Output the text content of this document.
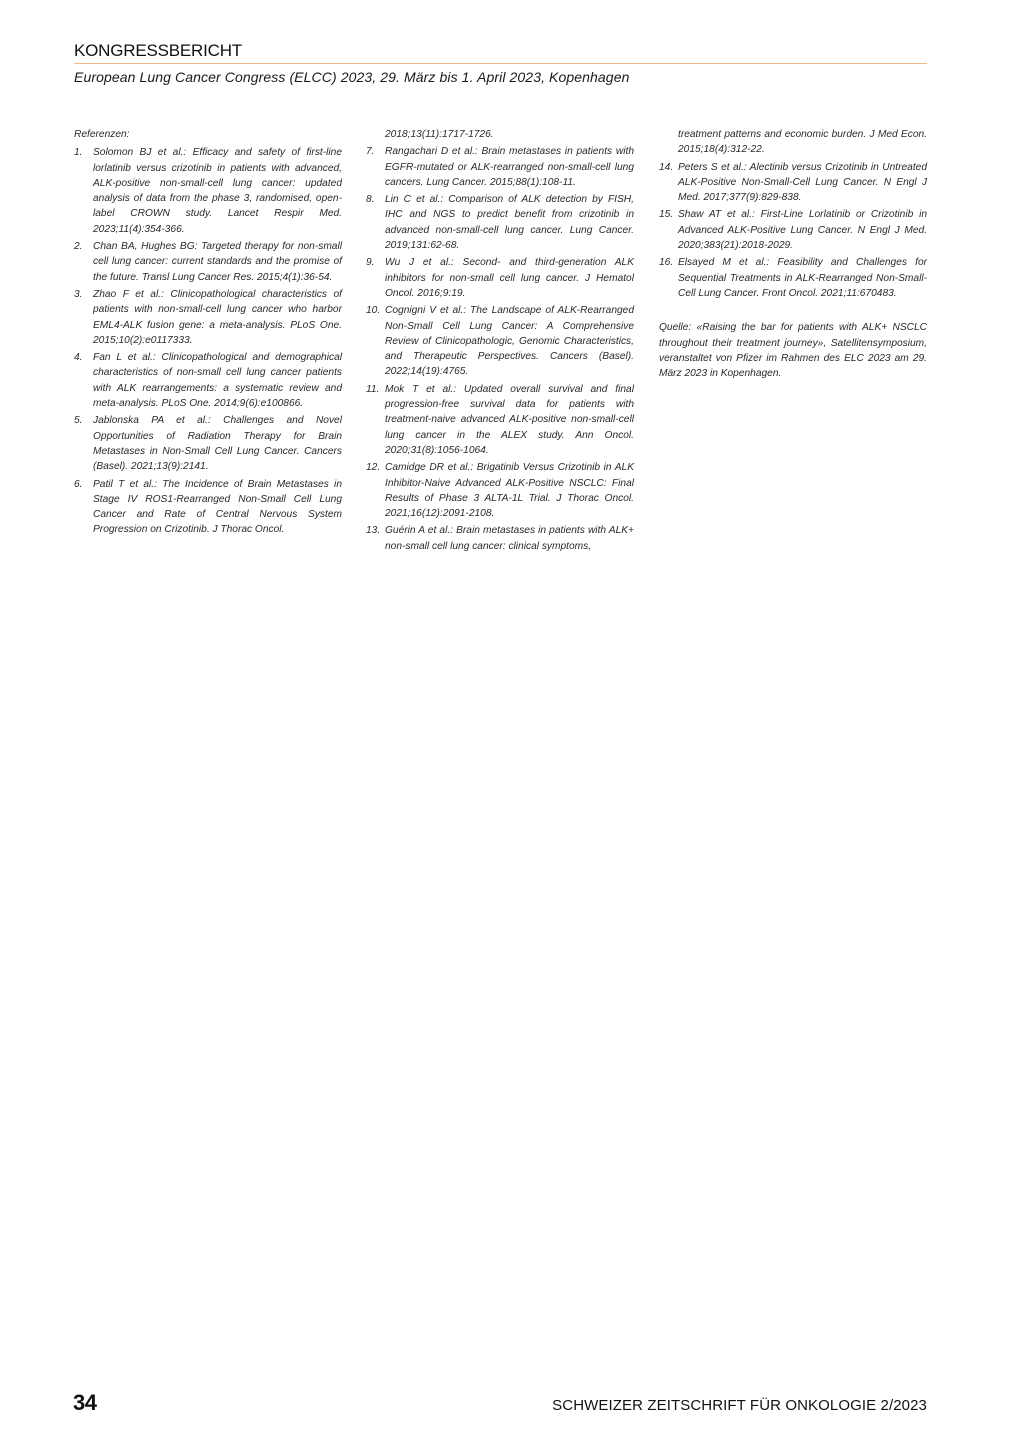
KONGRESSBERICHT
European Lung Cancer Congress (ELCC) 2023, 29. März bis 1. April 2023, Kopenhagen
Referenzen:
1. Solomon BJ et al.: Efficacy and safety of first-line lorlatinib versus crizotinib in patients with advanced, ALK-positive non-small-cell lung cancer: updated analysis of data from the phase 3, randomised, open-label CROWN study. Lancet Respir Med. 2023;11(4):354-366.
2. Chan BA, Hughes BG: Targeted therapy for non-small cell lung cancer: current standards and the promise of the future. Transl Lung Cancer Res. 2015;4(1):36-54.
3. Zhao F et al.: Clinicopathological characteristics of patients with non-small-cell lung cancer who harbor EML4-ALK fusion gene: a meta-analysis. PLoS One. 2015;10(2):e0117333.
4. Fan L et al.: Clinicopathological and demographical characteristics of non-small cell lung cancer patients with ALK rearrangements: a systematic review and meta-analysis. PLoS One. 2014;9(6):e100866.
5. Jablonska PA et al.: Challenges and Novel Opportunities of Radiation Therapy for Brain Metastases in Non-Small Cell Lung Cancer. Cancers (Basel). 2021;13(9):2141.
6. Patil T et al.: The Incidence of Brain Metastases in Stage IV ROS1-Rearranged Non-Small Cell Lung Cancer and Rate of Central Nervous System Progression on Crizotinib. J Thorac Oncol.
2018;13(11):1717-1726.
7. Rangachari D et al.: Brain metastases in patients with EGFR-mutated or ALK-rearranged non-small-cell lung cancers. Lung Cancer. 2015;88(1):108-11.
8. Lin C et al.: Comparison of ALK detection by FISH, IHC and NGS to predict benefit from crizotinib in advanced non-small-cell lung cancer. Lung Cancer. 2019;131:62-68.
9. Wu J et al.: Second- and third-generation ALK inhibitors for non-small cell lung cancer. J Hematol Oncol. 2016;9:19.
10. Cognigni V et al.: The Landscape of ALK-Rearranged Non-Small Cell Lung Cancer: A Comprehensive Review of Clinicopathologic, Genomic Characteristics, and Therapeutic Perspectives. Cancers (Basel). 2022;14(19):4765.
11. Mok T et al.: Updated overall survival and final progression-free survival data for patients with treatment-naive advanced ALK-positive non-small-cell lung cancer in the ALEX study. Ann Oncol. 2020;31(8):1056-1064.
12. Camidge DR et al.: Brigatinib Versus Crizotinib in ALK Inhibitor-Naive Advanced ALK-Positive NSCLC: Final Results of Phase 3 ALTA-1L Trial. J Thorac Oncol. 2021;16(12):2091-2108.
13. Guérin A et al.: Brain metastases in patients with ALK+ non-small cell lung cancer: clinical symptoms,
treatment patterns and economic burden. J Med Econ. 2015;18(4):312-22.
14. Peters S et al.: Alectinib versus Crizotinib in Untreated ALK-Positive Non-Small-Cell Lung Cancer. N Engl J Med. 2017;377(9):829-838.
15. Shaw AT et al.: First-Line Lorlatinib or Crizotinib in Advanced ALK-Positive Lung Cancer. N Engl J Med. 2020;383(21):2018-2029.
16. Elsayed M et al.: Feasibility and Challenges for Sequential Treatments in ALK-Rearranged Non-Small-Cell Lung Cancer. Front Oncol. 2021;11:670483.
Quelle: «Raising the bar for patients with ALK+ NSCLC throughout their treatment journey», Satellitensymposium, veranstaltet von Pfizer im Rahmen des ELC 2023 am 29. März 2023 in Kopenhagen.
34	SCHWEIZER ZEITSCHRIFT FÜR ONKOLOGIE 2/2023
